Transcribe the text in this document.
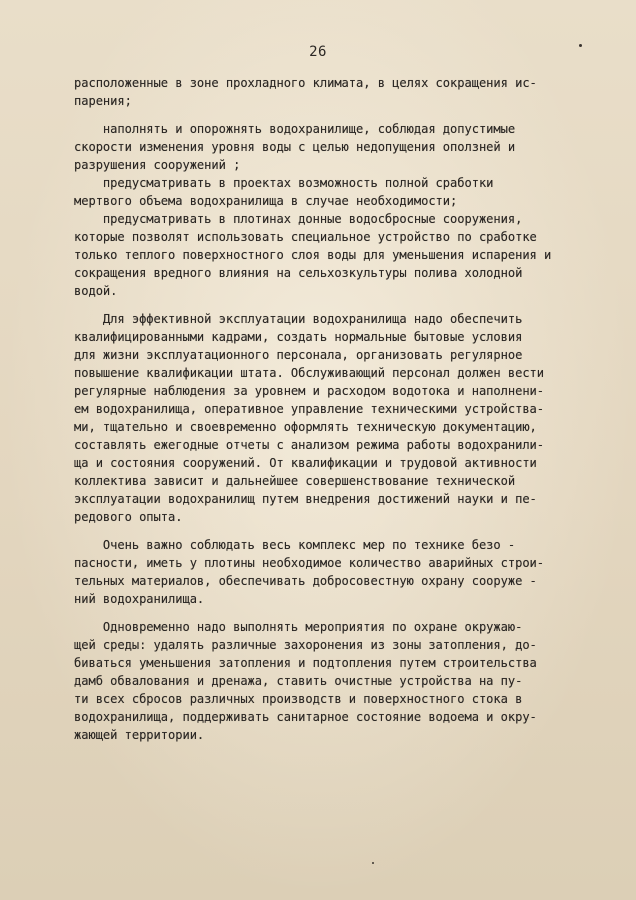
26
расположенные в зоне прохладного климата, в целях сокращения ис-
парения;
наполнять и опорожнять водохранилище, соблюдая допустимые
скорости изменения уровня воды с целью недопущения оползней и
разрушения сооружений ;
предусматривать в проектах возможность полной сработки
мертвого объема водохранилища в случае необходимости;
предусматривать в плотинах донные водосбросные сооружения,
которые позволят использовать специальное устройство по сработке
только теплого поверхностного слоя воды для уменьшения испарения и
сокращения вредного влияния на сельхозкультуры полива холодной
водой.
Для эффективной эксплуатации водохранилища надо обеспечить
квалифицированными кадрами, создать нормальные бытовые условия
для жизни эксплуатационного персонала, организовать регулярное
повышение квалификации штата. Обслуживающий персонал должен вести
регулярные наблюдения за уровнем и расходом водотока и наполнени-
ем водохранилища, оперативное управление техническими устройства-
ми, тщательно и своевременно оформлять техническую документацию,
составлять ежегодные отчеты с анализом режима работы водохранили-
ща и состояния сооружений. От квалификации и трудовой активности
коллектива зависит и дальнейшее совершенствование технической
эксплуатации водохранилищ путем внедрения достижений науки и пе-
редового опыта.
Очень важно соблюдать весь комплекс мер по технике безо -
пасности, иметь у плотины необходимое количество аварийных строи-
тельных материалов, обеспечивать добросовестную охрану сооруже -
ний водохранилища.
Одновременно надо выполнять мероприятия по охране окружаю-
щей среды: удалять различные захоронения из зоны затопления, до-
биваться уменьшения затопления и подтопления путем строительства
дамб обвалования и дренажа, ставить очистные устройства на пу-
ти всех сбросов различных производств и поверхностного стока в
водохранилища, поддерживать санитарное состояние водоема и окру-
жающей территории.
